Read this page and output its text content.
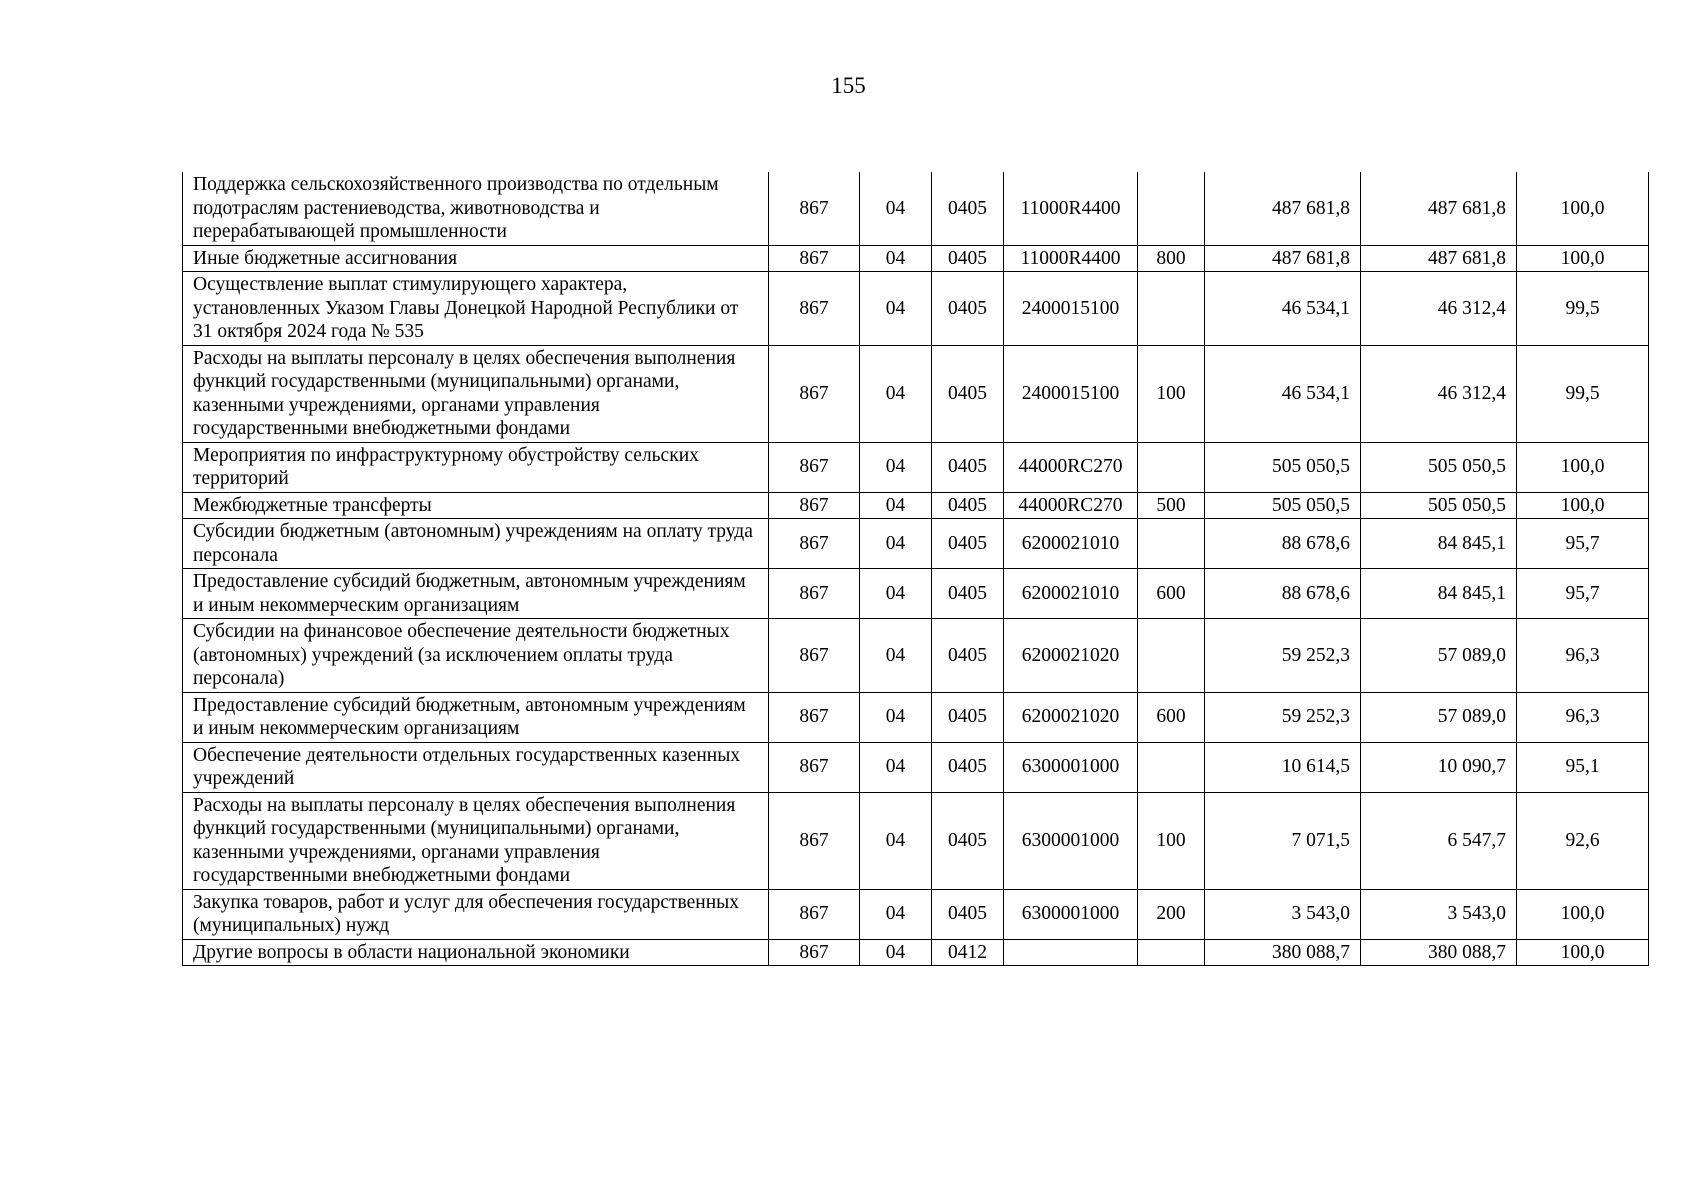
155
Поддержка сельскохозяйственного производства по отдельным подотраслям растениеводства, животноводства и перерабатывающей промышленности	867	04	0405	11000R4400		487 681,8	487 681,8	100,0
Иные бюджетные ассигнования	867	04	0405	11000R4400	800	487 681,8	487 681,8	100,0
Осуществление выплат стимулирующего характера, установленных Указом Главы Донецкой Народной Республики от 31 октября 2024 года № 535	867	04	0405	2400015100		46 534,1	46 312,4	99,5
Расходы на выплаты персоналу в целях обеспечения выполнения функций государственными (муниципальными) органами, казенными учреждениями, органами управления государственными внебюджетными фондами	867	04	0405	2400015100	100	46 534,1	46 312,4	99,5
Мероприятия по инфраструктурному обустройству сельских территорий	867	04	0405	44000RC270		505 050,5	505 050,5	100,0
Межбюджетные трансферты	867	04	0405	44000RC270	500	505 050,5	505 050,5	100,0
Субсидии бюджетным (автономным) учреждениям на оплату труда персонала	867	04	0405	6200021010		88 678,6	84 845,1	95,7
Предоставление субсидий бюджетным, автономным учреждениям и иным некоммерческим организациям	867	04	0405	6200021010	600	88 678,6	84 845,1	95,7
Субсидии на финансовое обеспечение деятельности бюджетных (автономных) учреждений (за исключением оплаты труда персонала)	867	04	0405	6200021020		59 252,3	57 089,0	96,3
Предоставление субсидий бюджетным, автономным учреждениям и иным некоммерческим организациям	867	04	0405	6200021020	600	59 252,3	57 089,0	96,3
Обеспечение деятельности отдельных государственных казенных учреждений	867	04	0405	6300001000		10 614,5	10 090,7	95,1
Расходы на выплаты персоналу в целях обеспечения выполнения функций государственными (муниципальными) органами, казенными учреждениями, органами управления государственными внебюджетными фондами	867	04	0405	6300001000	100	7 071,5	6 547,7	92,6
Закупка товаров, работ и услуг для обеспечения государственных (муниципальных) нужд	867	04	0405	6300001000	200	3 543,0	3 543,0	100,0
Другие вопросы в области национальной экономики	867	04	0412			380 088,7	380 088,7	100,0
